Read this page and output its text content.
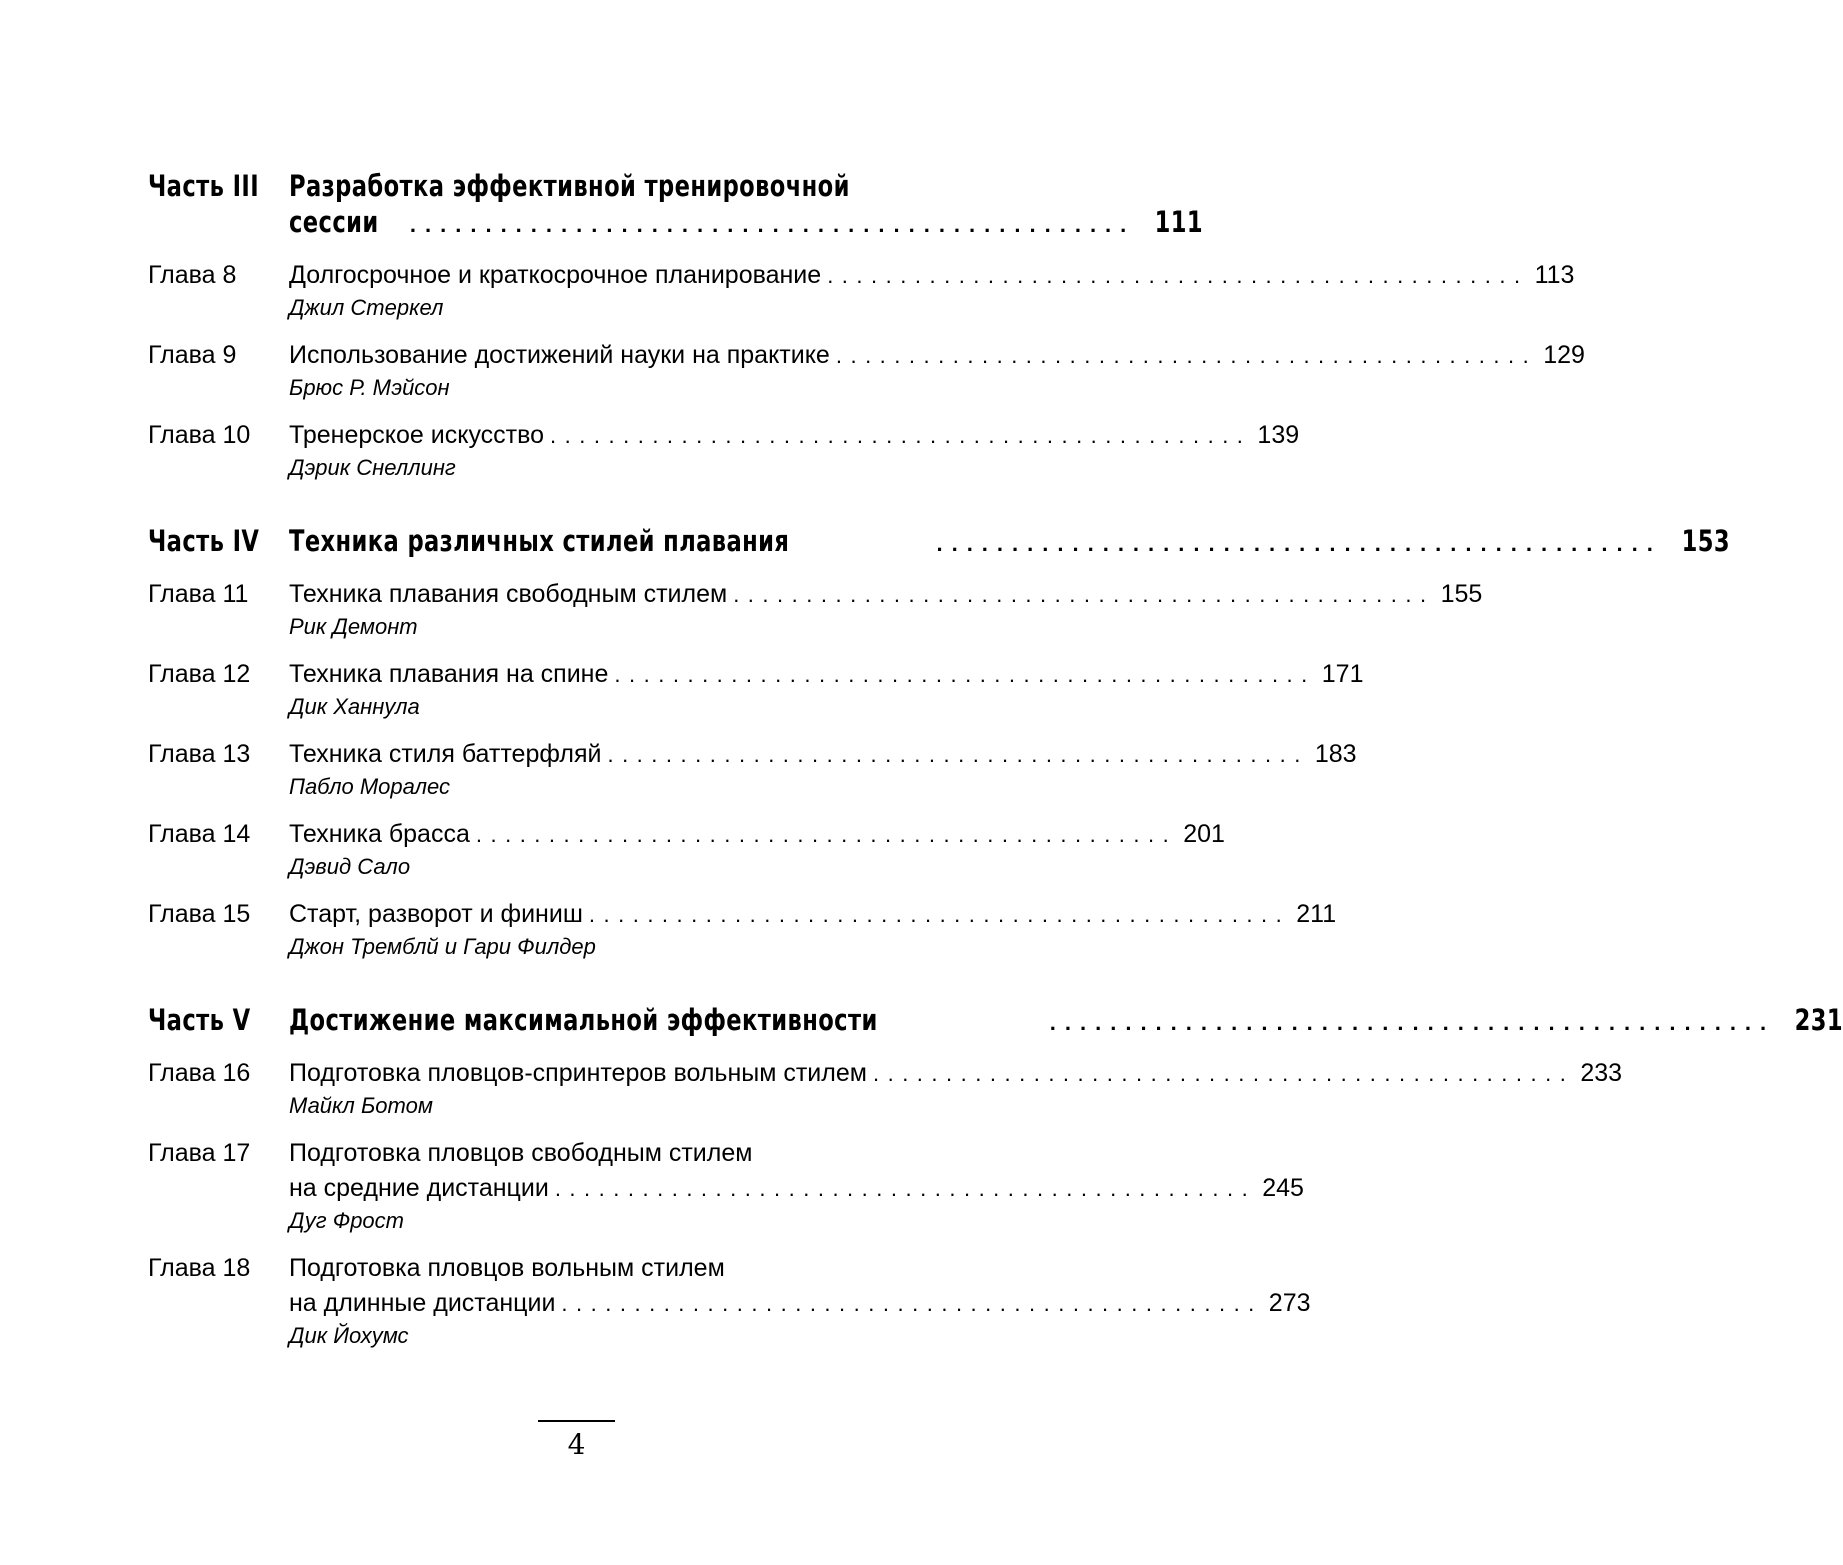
Часть III Разработка эффективной тренировочной
сессии ................................................ 111
Глава 8	Долгосрочное и краткосрочное планирование ................................................ 113
Джил Стеркел
Глава 9	Использование достижений науки на практике ................................................ 129
Брюс Р. Мэйсон
Глава 10	Тренерское искусство ................................................ 139
Дэрик Снеллинг
Часть IV Техника различных стилей плавания	................................................ 153
Глава 11	Техника плавания свободным стилем ................................................ 155
Рик Демонт
Глава 12	Техника плавания на спине ................................................ 171
Дик Ханнула
Глава 13	Техника стиля баттерфляй ................................................ 183
Пабло Моралес
Глава 14	Техника брасса ................................................ 201
Дэвид Сало
Глава 15	Старт, разворот и финиш ................................................ 211
Джон Тремблй и Гари Филдер
Часть V Достижение максимальной эффективности	................................................ 231
Глава 16	Подготовка пловцов-спринтеров вольным стилем ................................................ 233
Майкл Ботом
Глава 17	Подготовка пловцов свободным стилем
на средние дистанции ................................................ 245
Дуг Фрост
Глава 18	Подготовка пловцов вольным стилем
на длинные дистанции ................................................ 273
Дик Йохумс
4
